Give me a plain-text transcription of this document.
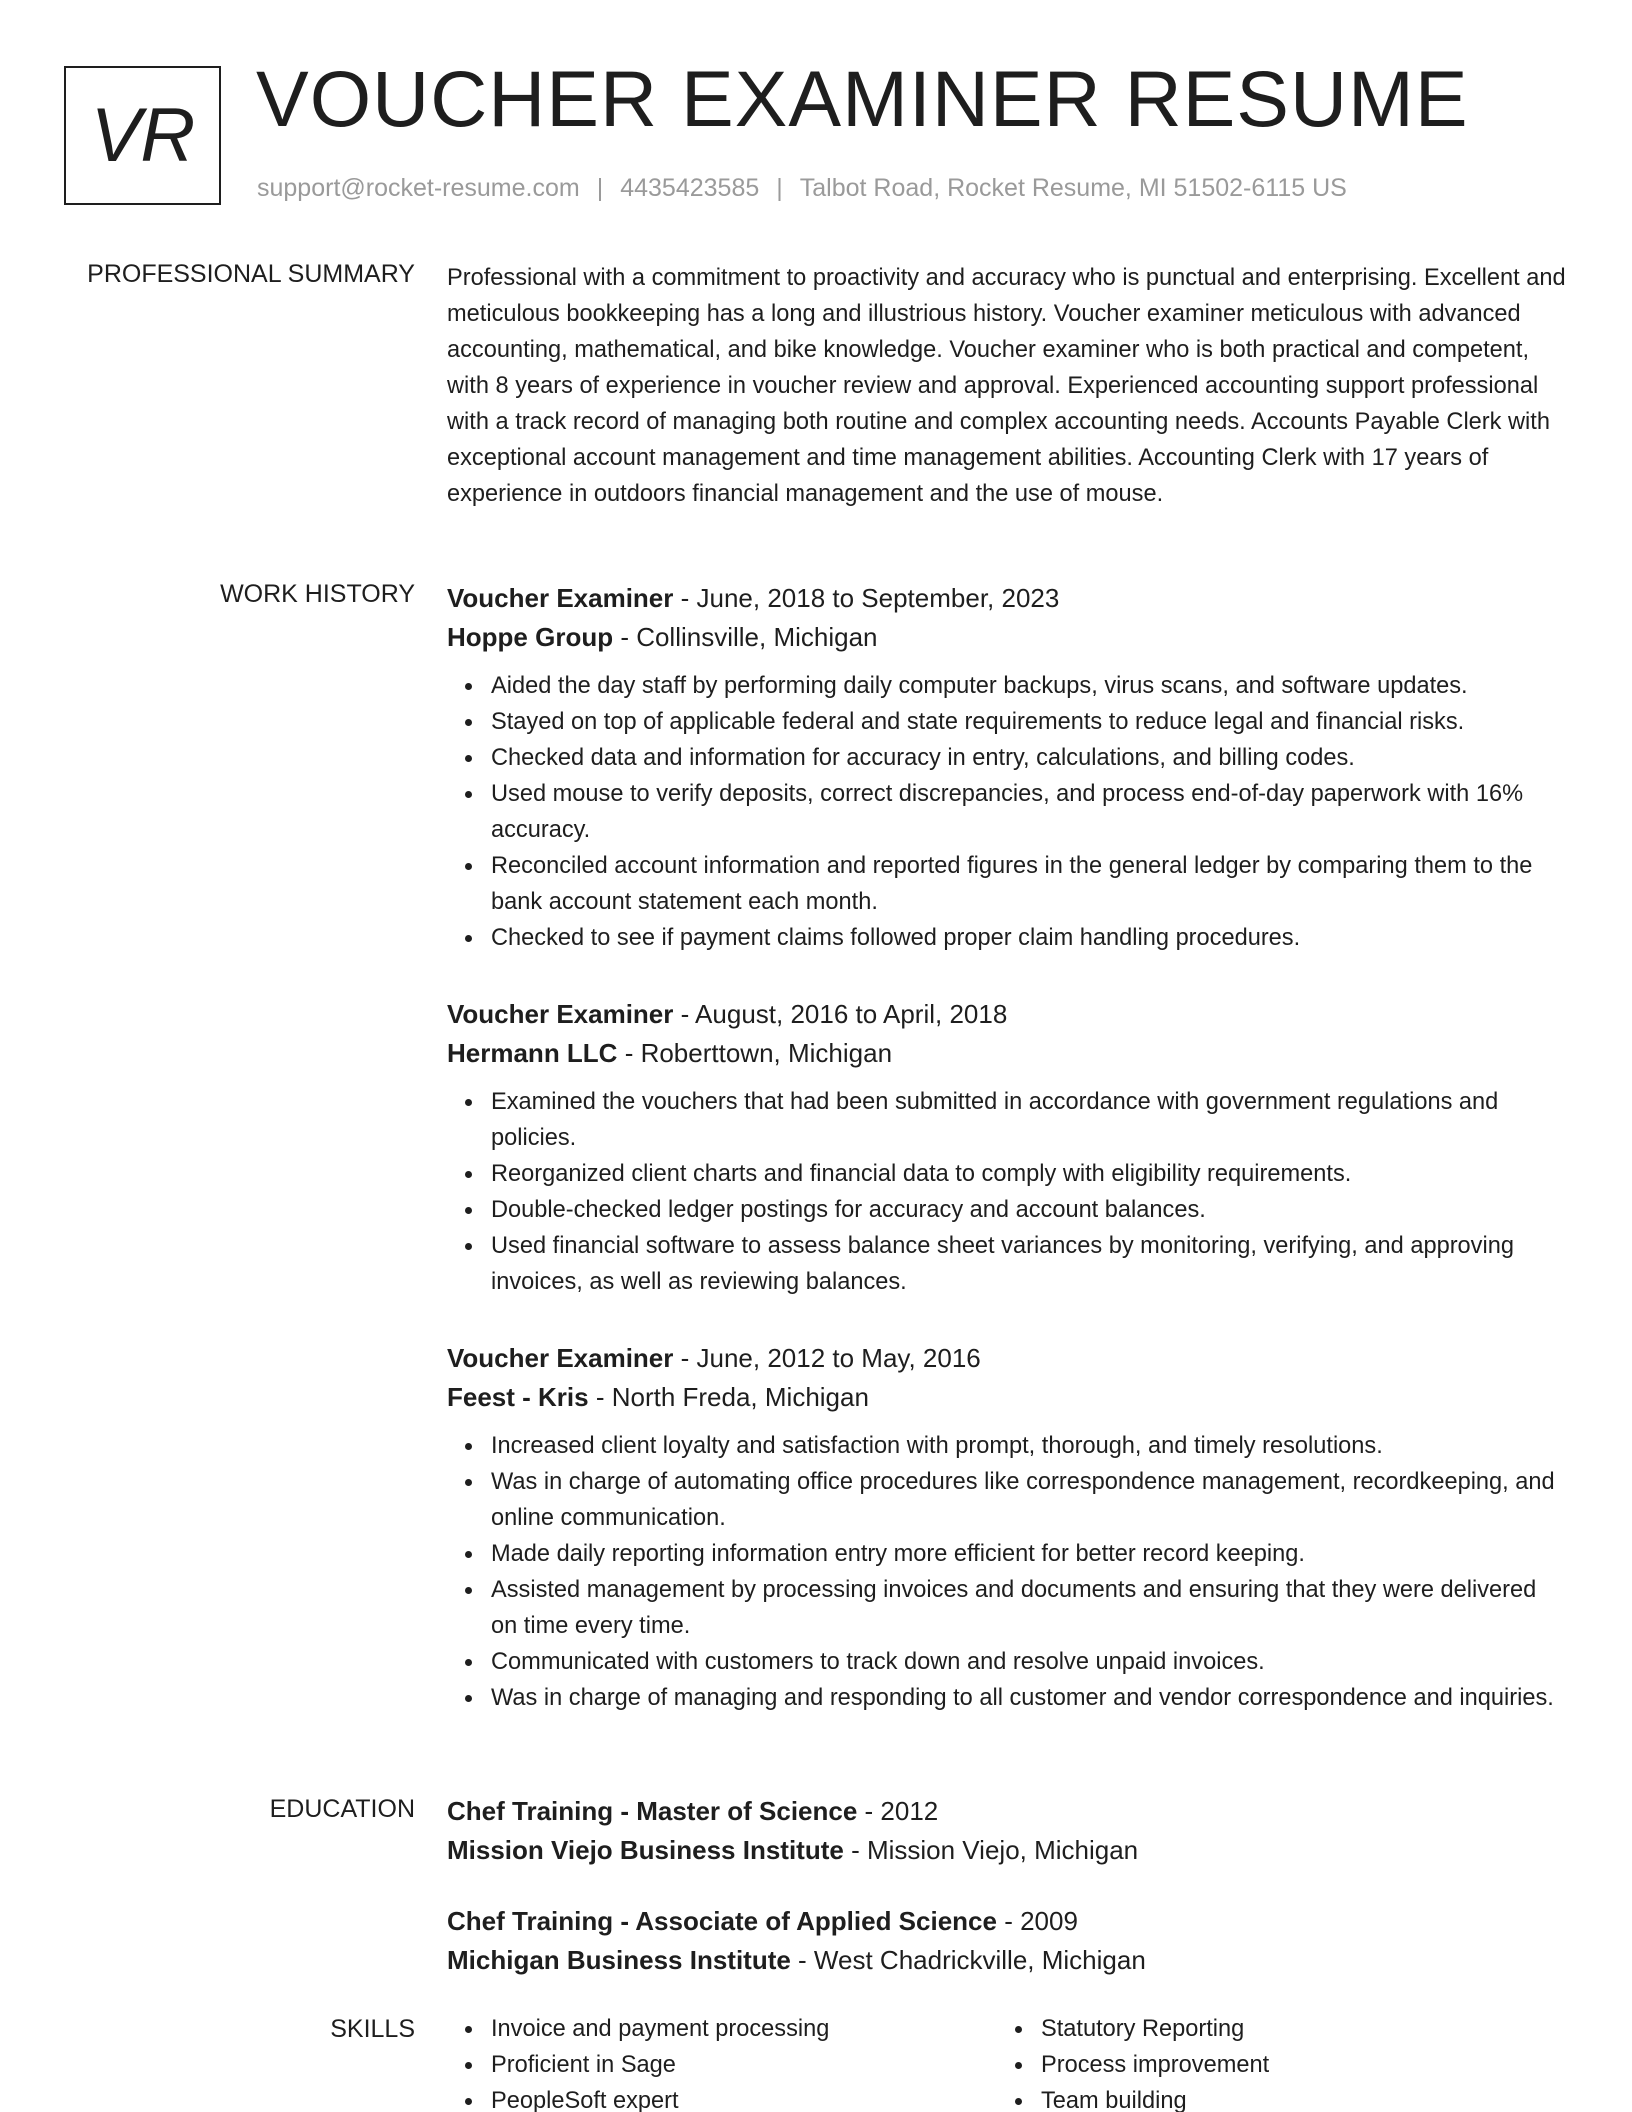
VR VOUCHER EXAMINER RESUME
support@rocket-resume.com | 4435423585 | Talbot Road, Rocket Resume, MI 51502-6115 US
PROFESSIONAL SUMMARY Professional with a commitment to proactivity and accuracy who is punctual and enterprising. Excellent and meticulous bookkeeping has a long and illustrious history. Voucher examiner meticulous with advanced accounting, mathematical, and bike knowledge. Voucher examiner who is both practical and competent, with 8 years of experience in voucher review and approval. Experienced accounting support professional with a track record of managing both routine and complex accounting needs. Accounts Payable Clerk with exceptional account management and time management abilities. Accounting Clerk with 17 years of experience in outdoors financial management and the use of mouse.

WORK HISTORY Voucher Examiner - June, 2018 to September, 2023
Hoppe Group - Collinsville, Michigan
Aided the day staff by performing daily computer backups, virus scans, and software updates.
Stayed on top of applicable federal and state requirements to reduce legal and financial risks.
Checked data and information for accuracy in entry, calculations, and billing codes.
Used mouse to verify deposits, correct discrepancies, and process end-of-day paperwork with 16% accuracy.
Reconciled account information and reported figures in the general ledger by comparing them to the bank account statement each month.
Checked to see if payment claims followed proper claim handling procedures.
Voucher Examiner - August, 2016 to April, 2018
Hermann LLC - Roberttown, Michigan
Examined the vouchers that had been submitted in accordance with government regulations and policies.
Reorganized client charts and financial data to comply with eligibility requirements.
Double-checked ledger postings for accuracy and account balances.
Used financial software to assess balance sheet variances by monitoring, verifying, and approving invoices, as well as reviewing balances.
Voucher Examiner - June, 2012 to May, 2016
Feest - Kris - North Freda, Michigan
Increased client loyalty and satisfaction with prompt, thorough, and timely resolutions.
Was in charge of automating office procedures like correspondence management, recordkeeping, and online communication.
Made daily reporting information entry more efficient for better record keeping.
Assisted management by processing invoices and documents and ensuring that they were delivered on time every time.
Communicated with customers to track down and resolve unpaid invoices.
Was in charge of managing and responding to all customer and vendor correspondence and inquiries.
EDUCATION Chef Training - Master of Science - 2012
Mission Viejo Business Institute - Mission Viejo, Michigan
Chef Training - Associate of Applied Science - 2009
Michigan Business Institute - West Chadrickville, Michigan
SKILLS	Invoice and payment processing
Proficient in Sage
PeopleSoft expert
Statutory Reporting
Process improvement
Team building
